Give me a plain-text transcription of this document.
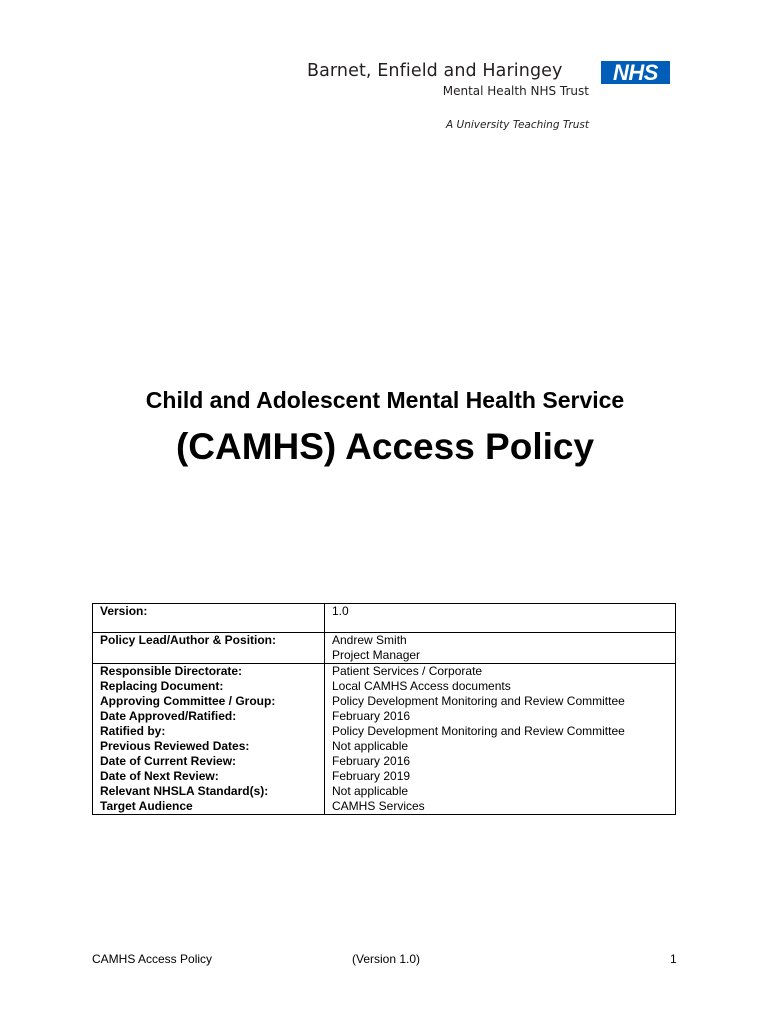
Barnet, Enfield and Haringey	NHS
Mental Health NHS Trust
A University Teaching Trust
Child and Adolescent Mental Health Service
(CAMHS) Access Policy
Version:	1.0
Policy Lead/Author & Position:	Andrew Smith
Project Manager

Responsible Directorate:	Patient Services / Corporate
Replacing Document:	Local CAMHS Access documents
Approving Committee / Group:	Policy Development Monitoring and Review Committee
Date Approved/Ratified:	February 2016
Ratified by:	Policy Development Monitoring and Review Committee
Previous Reviewed Dates:	Not applicable
Date of Current Review:	February 2016
Date of Next Review:	February 2019
Relevant NHSLA Standard(s):	Not applicable
Target Audience	CAMHS Services
CAMHS Access Policy	(Version 1.0)	1
